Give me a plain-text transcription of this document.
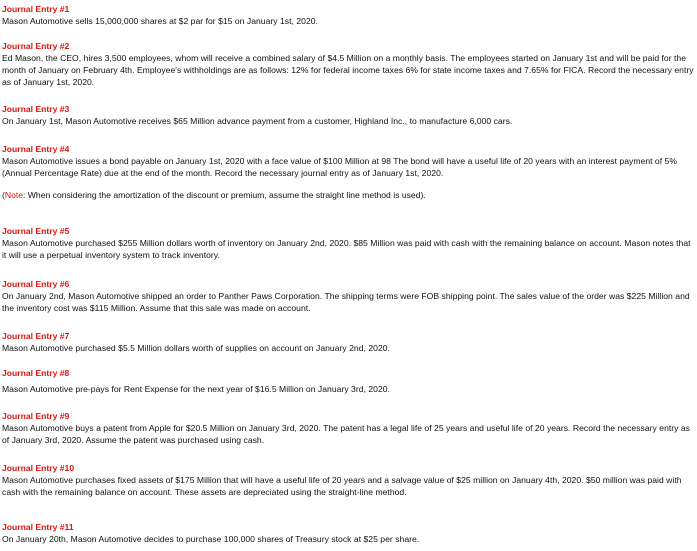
Journal Entry #1
Mason Automotive sells 15,000,000 shares at $2 par for $15 on January 1st, 2020.
Journal Entry #2
Ed Mason, the CEO, hires 3,500 employees, whom will receive a combined salary of $4.5 Million on a monthly basis. The employees started on January 1st and will be paid for the month of January on February 4th. Employee's withholdings are as follows: 12% for federal income taxes 6% for state income taxes and 7.65% for FICA. Record the necessary entry as of January 1st, 2020.
Journal Entry #3
On January 1st, Mason Automotive receives $65 Million advance payment from a customer, Highland Inc., to manufacture 6,000 cars.
Journal Entry #4
Mason Automotive issues a bond payable on January 1st, 2020 with a face value of $100 Million at 98 The bond will have a useful life of 20 years with an interest payment of 5% (Annual Percentage Rate) due at the end of the month. Record the necessary journal entry as of January 1st, 2020.
(Note: When considering the amortization of the discount or premium, assume the straight line method is used).
Journal Entry #5
Mason Automotive purchased $255 Million dollars worth of inventory on January 2nd, 2020. $85 Million was paid with cash with the remaining balance on account. Mason notes that it will use a perpetual inventory system to track inventory.
Journal Entry #6
On January 2nd, Mason Automotive shipped an order to Panther Paws Corporation. The shipping terms were FOB shipping point. The sales value of the order was $225 Million and the inventory cost was $115 Million. Assume that this sale was made on account.
Journal Entry #7
Mason Automotive purchased $5.5 Million dollars worth of supplies on account on January 2nd, 2020.
Journal Entry #8
Mason Automotive pre-pays for Rent Expense for the next year of $16.5 Million on January 3rd, 2020.
Journal Entry #9
Mason Automotive buys a patent from Apple for $20.5 Million on January 3rd, 2020. The patent has a legal life of 25 years and useful life of 20 years. Record the necessary entry as of January 3rd, 2020. Assume the patent was purchased using cash.
Journal Entry #10
Mason Automotive purchases fixed assets of $175 Million that will have a useful life of 20 years and a salvage value of $25 million on January 4th, 2020. $50 million was paid with cash with the remaining balance on account. These assets are depreciated using the straight-line method.
Journal Entry #11
On January 20th, Mason Automotive decides to purchase 100,000 shares of Treasury stock at $25 per share.
